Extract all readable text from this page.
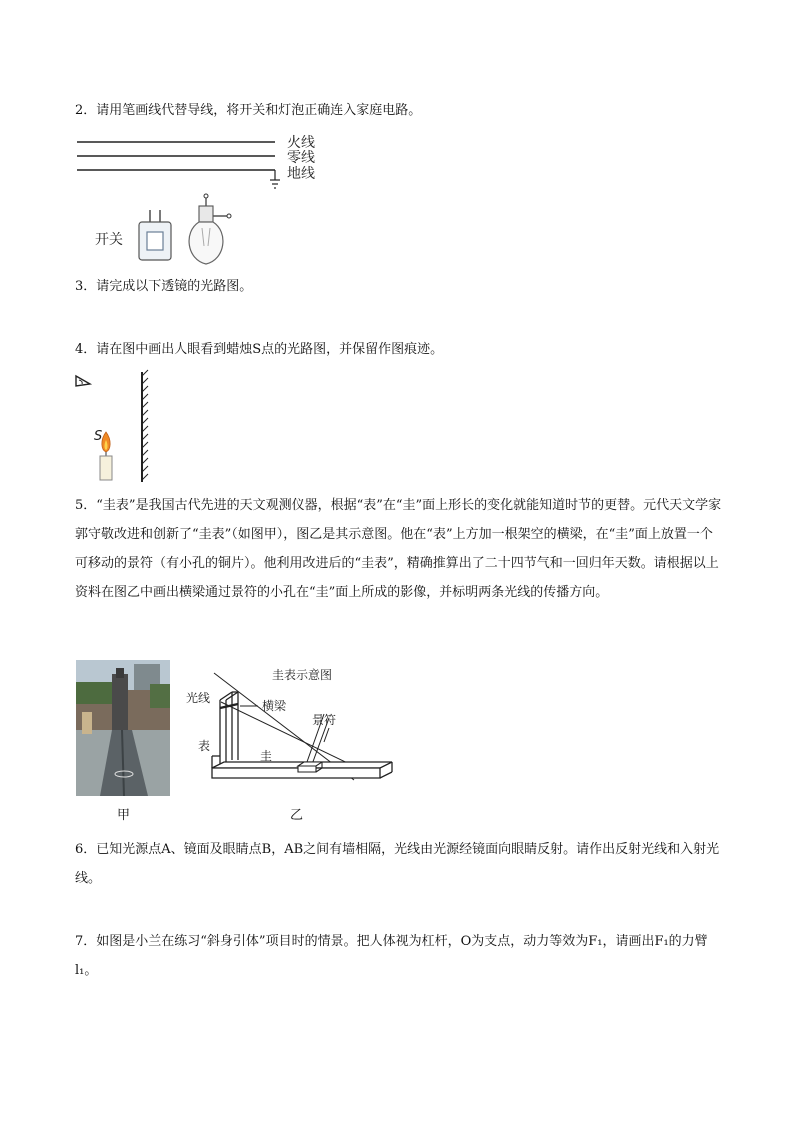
2．请用笔画线代替导线，将开关和灯泡正确连入家庭电路。
火线
零线
地线
开关
3．请完成以下透镜的光路图。
4．请在图中画出人眼看到蜡烛S点的光路图，并保留作图痕迹。
S
5．“圭表”是我国古代先进的天文观测仪器，根据“表”在“圭”面上形长的变化就能知道时节的更替。元代天文学家郭守敬改进和创新了“圭表”（如图甲），图乙是其示意图。他在“表”上方加一根架空的横梁，在“圭”面上放置一个可移动的景符（有小孔的铜片）。他利用改进后的“圭表”，精确推算出了二十四节气和一回归年天数。请根据以上资料在图乙中画出横梁通过景符的小孔在“圭”面上所成的影像，并标明两条光线的传播方向。
甲
圭表示意图
光线
横梁
景符
表
圭
乙
6．已知光源点A、镜面及眼睛点B，AB之间有墙相隔，光线由光源经镜面向眼睛反射。请作出反射光线和入射光线。
7．如图是小兰在练习“斜身引体”项目时的情景。把人体视为杠杆，O为支点，动力等效为F₁，请画出F₁的力臂l₁。
